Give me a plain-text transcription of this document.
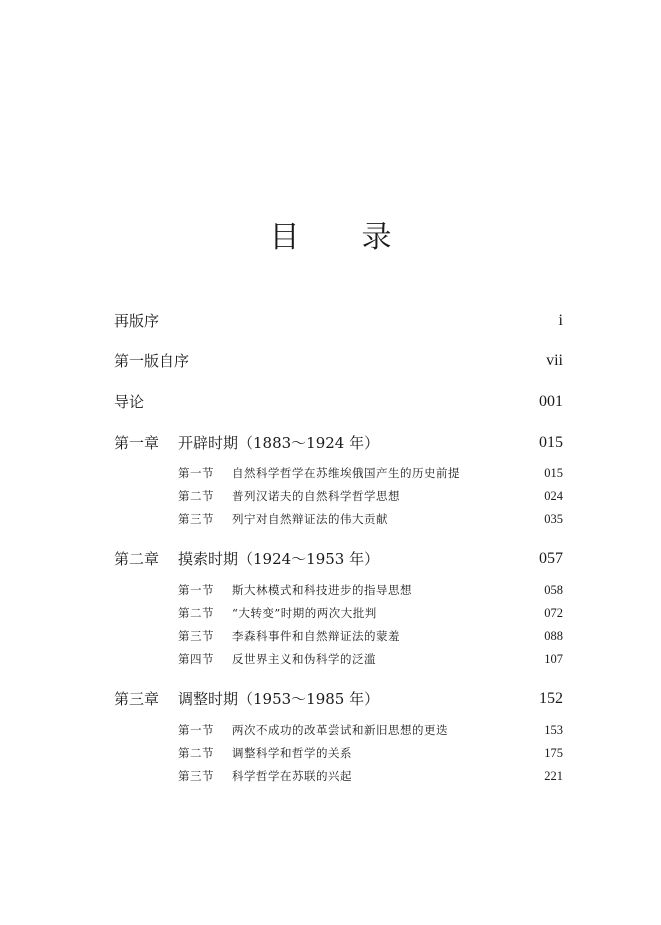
目 录
再版序	i
第一版自序	vii
导论	001
第一章 开辟时期（1883～1924 年）	015
第一节 自然科学哲学在苏维埃俄国产生的历史前提	015
第二节 普列汉诺夫的自然科学哲学思想	024
第三节 列宁对自然辩证法的伟大贡献	035
第二章 摸索时期（1924～1953 年）	057
第一节 斯大林模式和科技进步的指导思想	058
第二节 “大转变”时期的两次大批判	072
第三节 李森科事件和自然辩证法的蒙羞	088
第四节 反世界主义和伪科学的泛滥	107
第三章 调整时期（1953～1985 年）	152
第一节 两次不成功的改革尝试和新旧思想的更迭	153
第二节 调整科学和哲学的关系	175
第三节 科学哲学在苏联的兴起	221
